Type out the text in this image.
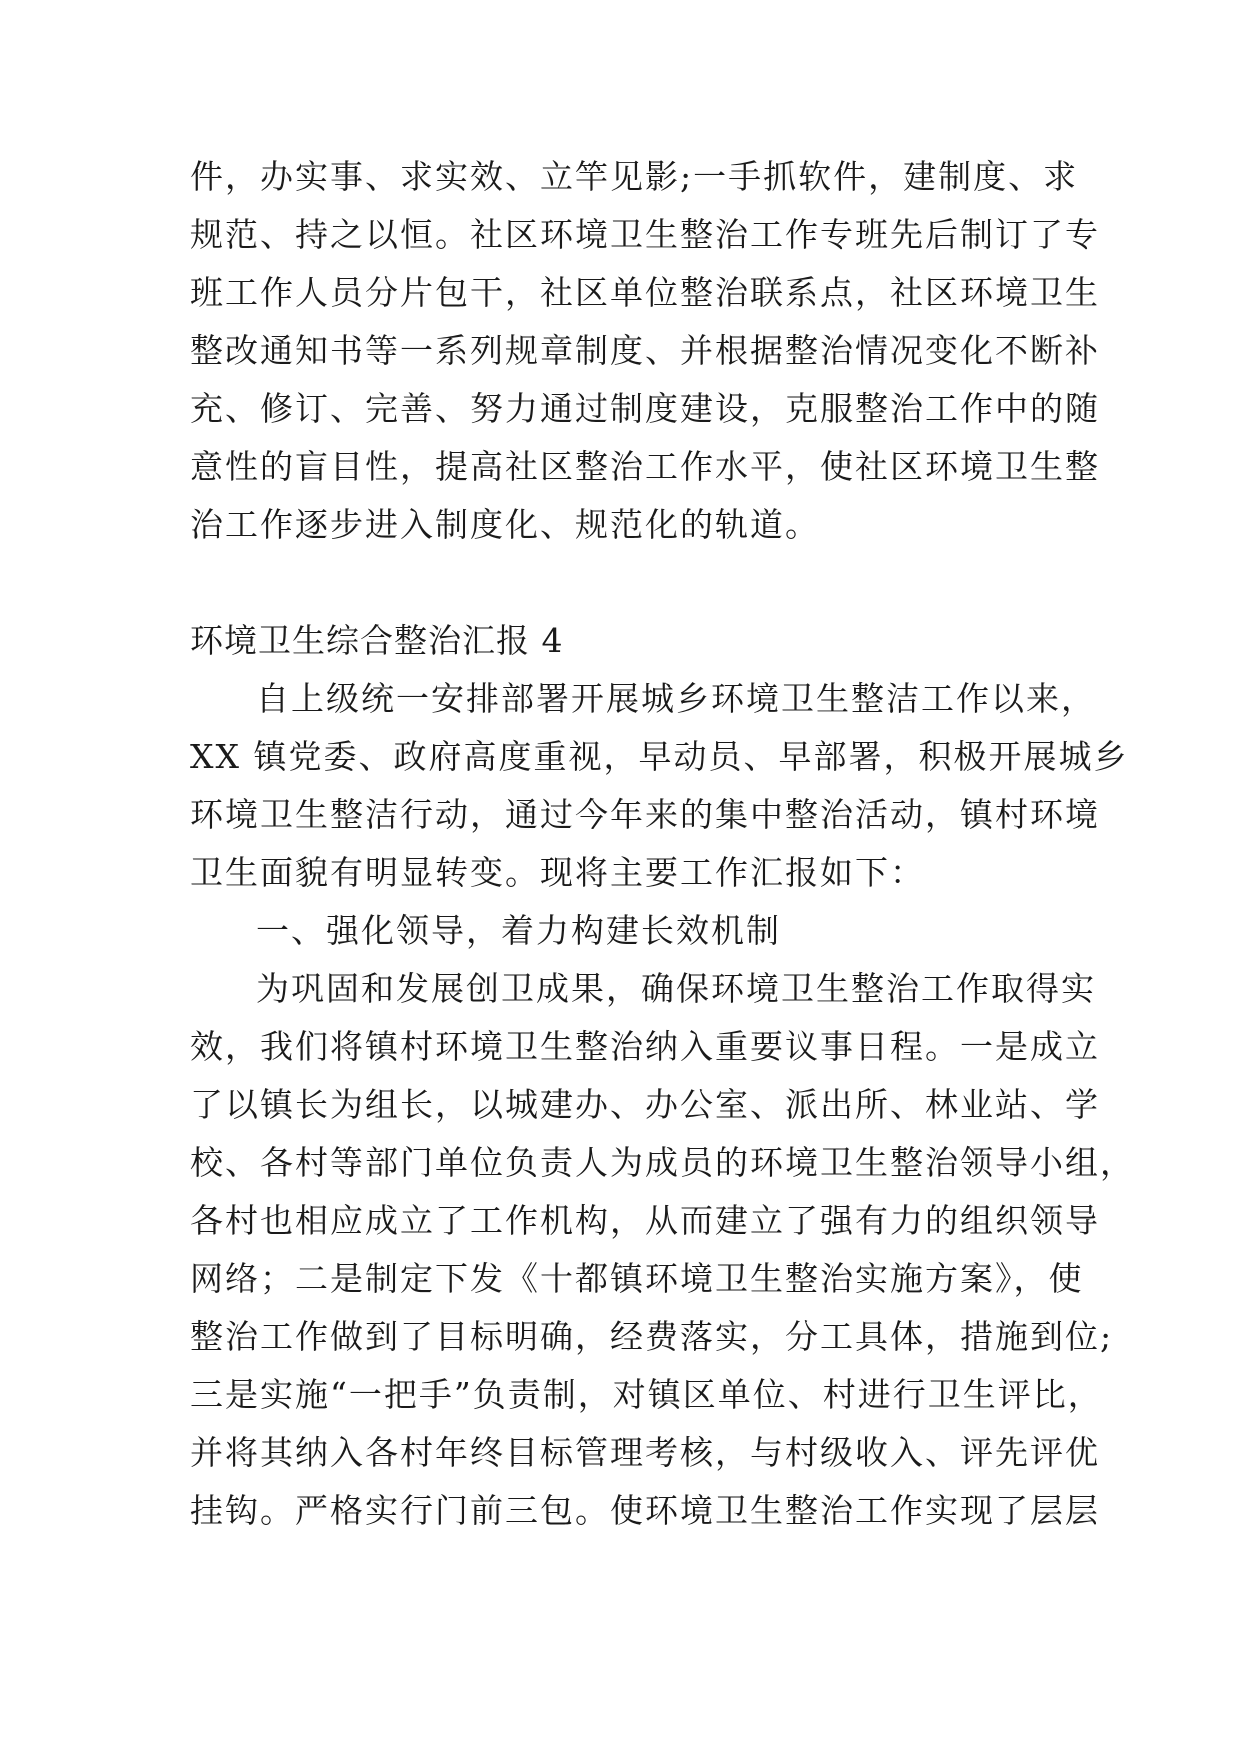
件，办实事、求实效、立竿见影;一手抓软件，建制度、求
规范、持之以恒。社区环境卫生整治工作专班先后制订了专
班工作人员分片包干，社区单位整治联系点，社区环境卫生
整改通知书等一系列规章制度、并根据整治情况变化不断补
充、修订、完善、努力通过制度建设，克服整治工作中的随
意性的盲目性，提高社区整治工作水平，使社区环境卫生整
治工作逐步进入制度化、规范化的轨道。
环境卫生综合整治汇报 4
自上级统一安排部署开展城乡环境卫生整洁工作以来，
XX 镇党委、政府高度重视，早动员、早部署，积极开展城乡
环境卫生整洁行动，通过今年来的集中整治活动，镇村环境
卫生面貌有明显转变。现将主要工作汇报如下：
一、强化领导，着力构建长效机制
为巩固和发展创卫成果，确保环境卫生整治工作取得实
效，我们将镇村环境卫生整治纳入重要议事日程。一是成立
了以镇长为组长，以城建办、办公室、派出所、林业站、学
校、各村等部门单位负责人为成员的环境卫生整治领导小组，
各村也相应成立了工作机构，从而建立了强有力的组织领导
网络；二是制定下发《十都镇环境卫生整治实施方案》，使
整治工作做到了目标明确，经费落实，分工具体，措施到位;
三是实施“一把手”负责制，对镇区单位、村进行卫生评比，
并将其纳入各村年终目标管理考核，与村级收入、评先评优
挂钩。严格实行门前三包。使环境卫生整治工作实现了层层
